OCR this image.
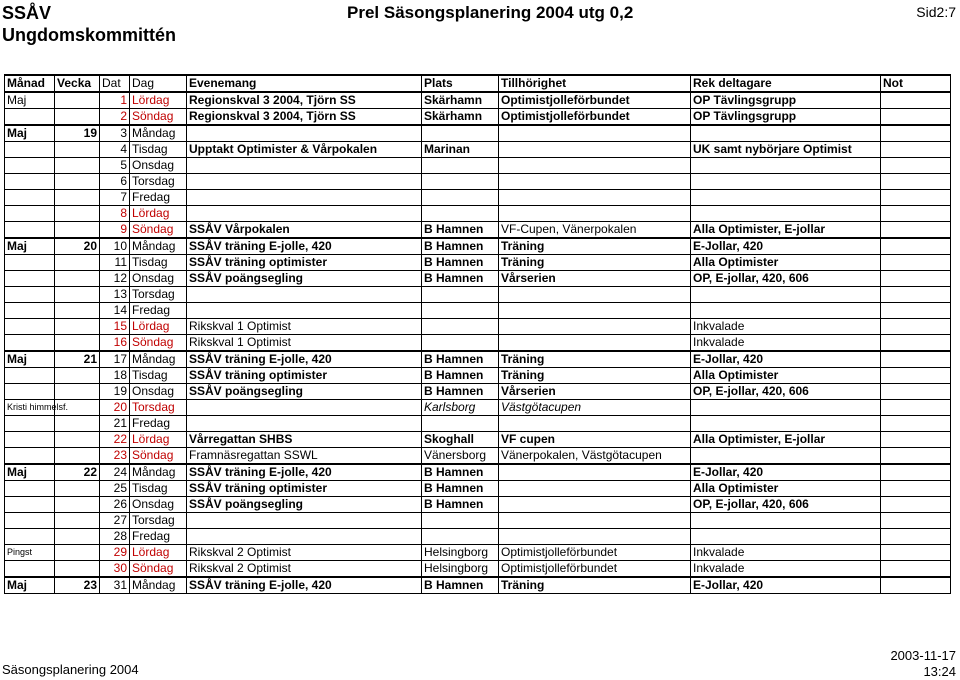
SSÅV
Ungdomskommittén
Prel Säsongsplanering 2004 utg 0,2	Sid2:7
Månad	Vecka	Dat	Dag	Evenemang	Plats	Tillhörighet	Rek deltagare	Not
Maj		1	Lördag	Regionskval 3 2004, Tjörn SS	Skärhamn	Optimistjolleförbundet	OP Tävlingsgrupp	
		2	Söndag	Regionskval 3 2004, Tjörn SS	Skärhamn	Optimistjolleförbundet	OP Tävlingsgrupp	
Maj	19	3	Måndag					
		4	Tisdag	Upptakt Optimister & Vårpokalen	Marinan		UK samt nybörjare Optimist	
		5	Onsdag					
		6	Torsdag					
		7	Fredag					
		8	Lördag					
		9	Söndag	SSÅV Vårpokalen	B Hamnen	VF-Cupen, Vänerpokalen	Alla Optimister, E-jollar	
Maj	20	10	Måndag	SSÅV träning E-jolle, 420	B Hamnen	Träning	E-Jollar, 420	
		11	Tisdag	SSÅV träning optimister	B Hamnen	Träning	Alla Optimister	
		12	Onsdag	SSÅV poängsegling	B Hamnen	Vårserien	OP, E-jollar, 420, 606	
		13	Torsdag					
		14	Fredag					
		15	Lördag	Rikskval 1 Optimist			Inkvalade	
		16	Söndag	Rikskval 1 Optimist			Inkvalade	
Maj	21	17	Måndag	SSÅV träning E-jolle, 420	B Hamnen	Träning	E-Jollar, 420	
		18	Tisdag	SSÅV träning optimister	B Hamnen	Träning	Alla Optimister	
		19	Onsdag	SSÅV poängsegling	B Hamnen	Vårserien	OP, E-jollar, 420, 606	
Kristi himmelsf.		20	Torsdag		Karlsborg	Västgötacupen		
		21	Fredag					
		22	Lördag	Vårregattan SHBS	Skoghall	VF cupen	Alla Optimister, E-jollar	
		23	Söndag	Framnäsregattan SSWL	Vänersborg	Vänerpokalen, Västgötacupen		
Maj	22	24	Måndag	SSÅV träning E-jolle, 420	B Hamnen		E-Jollar, 420	
		25	Tisdag	SSÅV träning optimister	B Hamnen		Alla Optimister	
		26	Onsdag	SSÅV poängsegling	B Hamnen		OP, E-jollar, 420, 606	
		27	Torsdag					
		28	Fredag					
Pingst		29	Lördag	Rikskval 2 Optimist	Helsingborg	Optimistjolleförbundet	Inkvalade	
		30	Söndag	Rikskval 2 Optimist	Helsingborg	Optimistjolleförbundet	Inkvalade	
Maj	23	31	Måndag	SSÅV träning E-jolle, 420	B Hamnen	Träning	E-Jollar, 420	
Säsongsplanering 2004
2003-11-17
13:24
